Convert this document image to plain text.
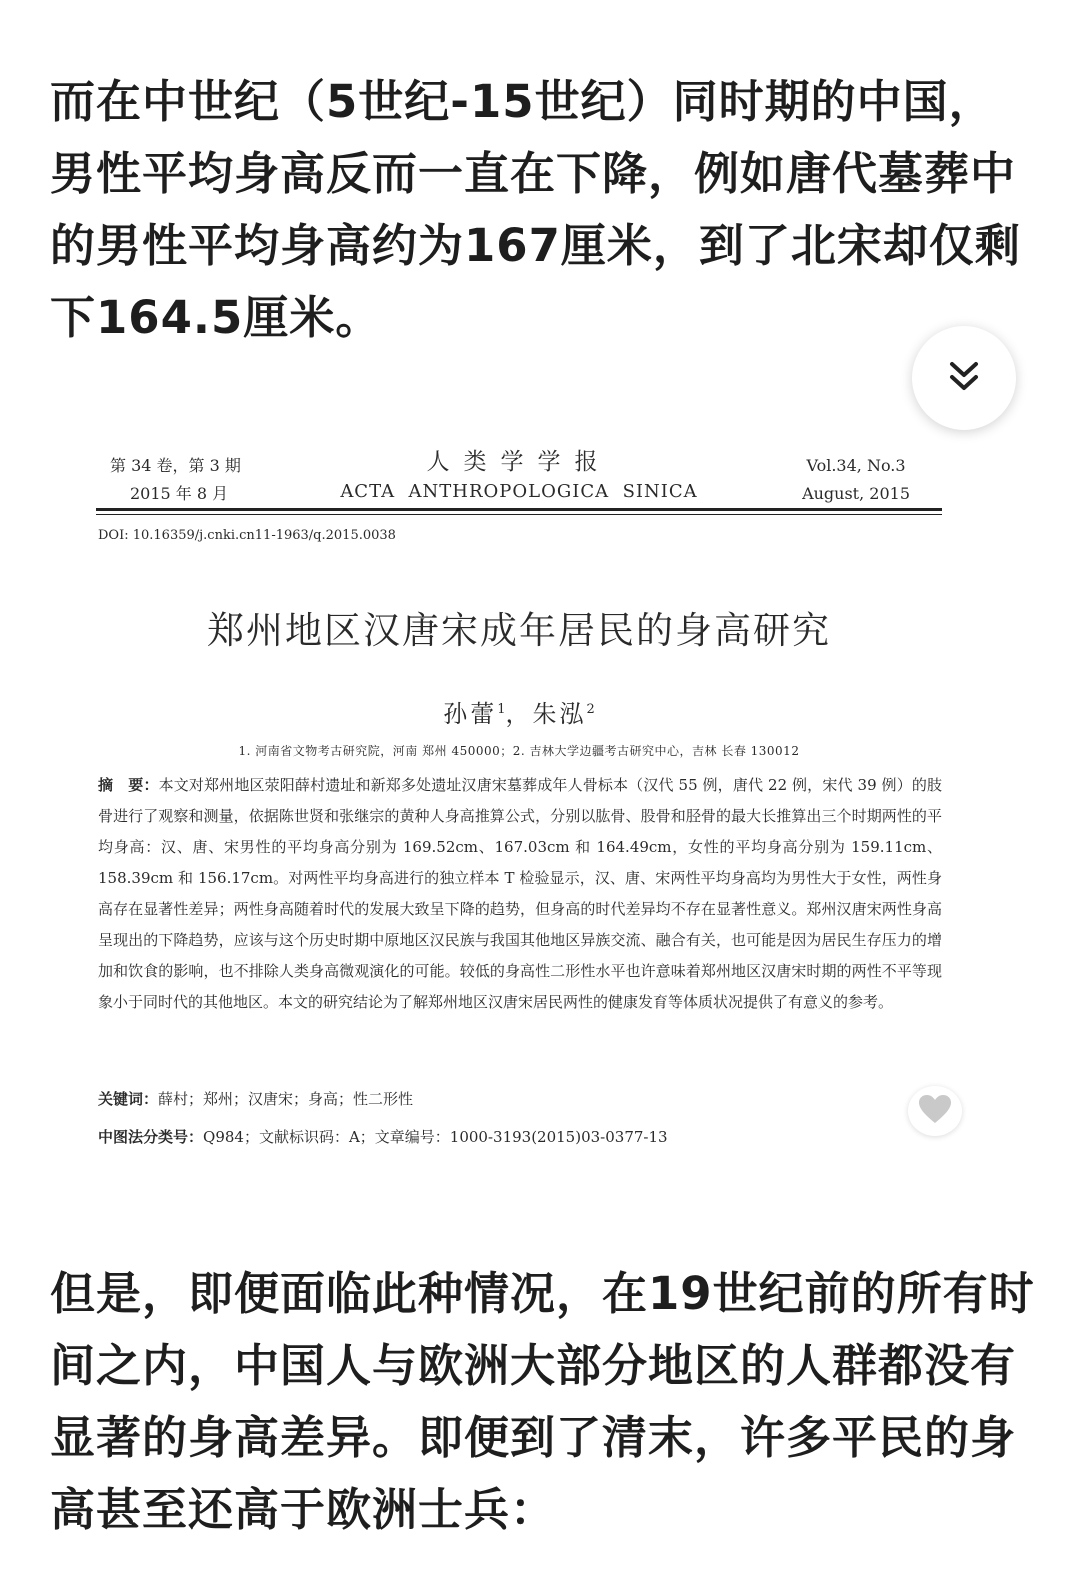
而在中世纪（5世纪-15世纪）同时期的中国，男性平均身高反而一直在下降，例如唐代墓葬中的男性平均身高约为167厘米，到了北宋却仅剩下164.5厘米。

第 34 卷，第 3 期
2015 年 8 月
人类学学报
ACTA  ANTHROPOLOGICA  SINICA
Vol.34, No.3
August, 2015
DOI: 10.16359/j.cnki.cn11-1963/q.2015.0038
郑州地区汉唐宋成年居民的身高研究
孙蕾$^1$，朱泓$^2$
1. 河南省文物考古研究院，河南 郑州 450000；2. 吉林大学边疆考古研究中心，吉林 长春 130012
摘　要：本文对郑州地区荥阳薛村遗址和新郑多处遗址汉唐宋墓葬成年人骨标本（汉代 55 例，唐代 22 例，宋代 39 例）的肢骨进行了观察和测量，依据陈世贤和张继宗的黄种人身高推算公式，分别以肱骨、股骨和胫骨的最大长推算出三个时期两性的平均身高：汉、唐、宋男性的平均身高分别为 169.52cm、167.03cm 和 164.49cm，女性的平均身高分别为 159.11cm、158.39cm 和 156.17cm。对两性平均身高进行的独立样本 T 检验显示，汉、唐、宋两性平均身高均为男性大于女性，两性身高存在显著性差异；两性身高随着时代的发展大致呈下降的趋势，但身高的时代差异均不存在显著性意义。郑州汉唐宋两性身高呈现出的下降趋势，应该与这个历史时期中原地区汉民族与我国其他地区异族交流、融合有关，也可能是因为居民生存压力的增加和饮食的影响，也不排除人类身高微观演化的可能。较低的身高性二形性水平也许意味着郑州地区汉唐宋时期的两性不平等现象小于同时代的其他地区。本文的研究结论为了解郑州地区汉唐宋居民两性的健康发育等体质状况提供了有意义的参考。
关键词：薛村；郑州；汉唐宋；身高；性二形性
中图法分类号：Q984；文献标识码：A；文章编号：1000-3193(2015)03-0377-13

但是，即便面临此种情况，在19世纪前的所有时间之内，中国人与欧洲大部分地区的人群都没有显著的身高差异。即便到了清末，许多平民的身高甚至还高于欧洲士兵：
